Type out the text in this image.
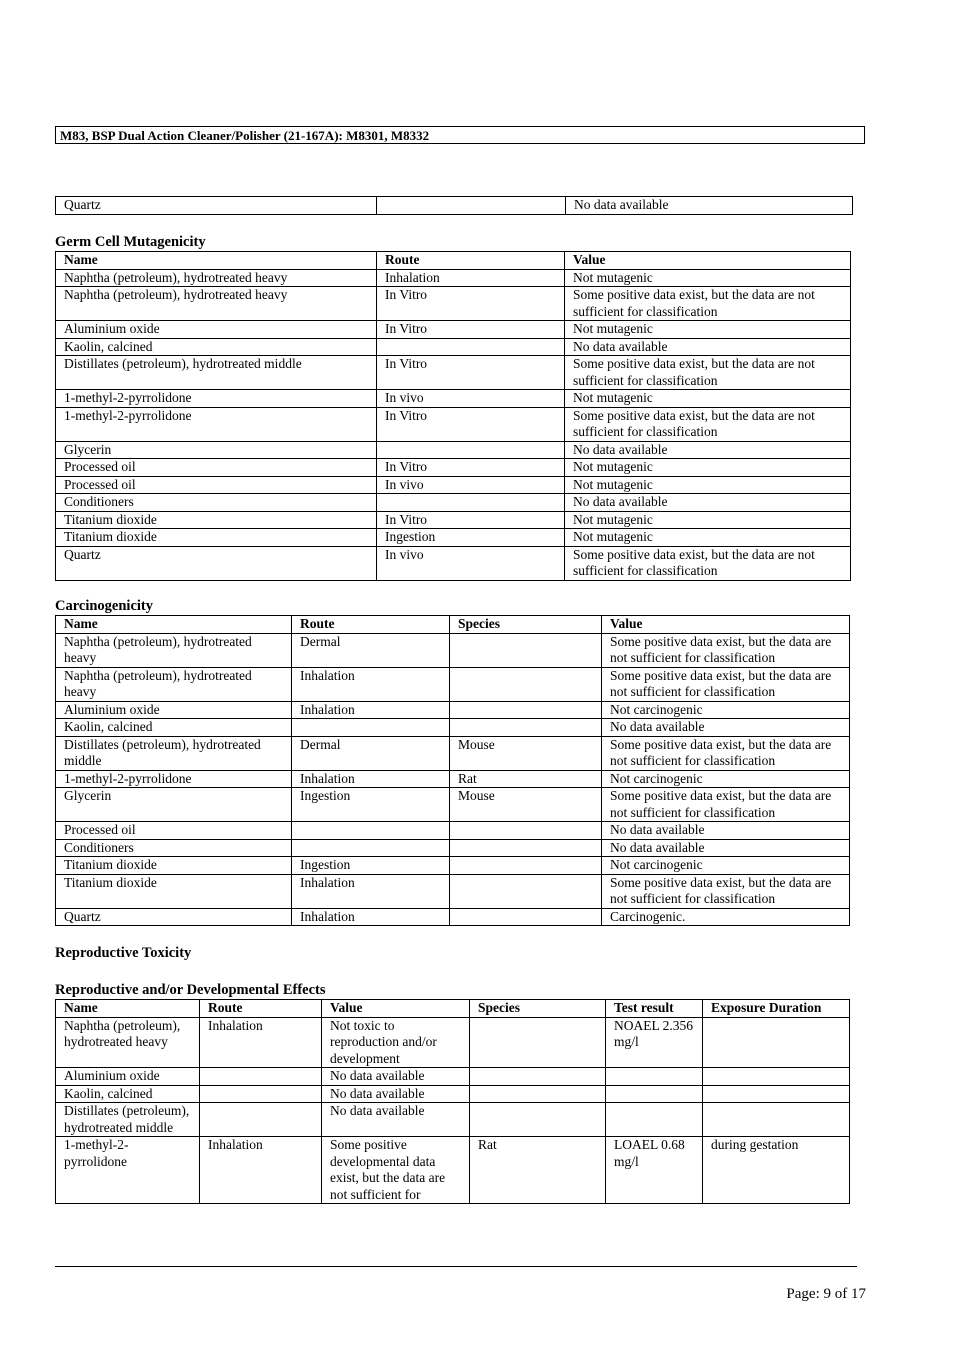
M83, BSP Dual Action Cleaner/Polisher (21-167A): M8301, M8332
Quartz		No data available
Germ Cell Mutagenicity
Name	Route	Value
Naphtha (petroleum), hydrotreated heavy	Inhalation	Not mutagenic
Naphtha (petroleum), hydrotreated heavy	In Vitro	Some positive data exist, but the data are not sufficient for classification
Aluminium oxide	In Vitro	Not mutagenic
Kaolin, calcined		No data available
Distillates (petroleum), hydrotreated middle	In Vitro	Some positive data exist, but the data are not sufficient for classification
1-methyl-2-pyrrolidone	In vivo	Not mutagenic
1-methyl-2-pyrrolidone	In Vitro	Some positive data exist, but the data are not sufficient for classification
Glycerin		No data available
Processed oil	In Vitro	Not mutagenic
Processed oil	In vivo	Not mutagenic
Conditioners		No data available
Titanium dioxide	In Vitro	Not mutagenic
Titanium dioxide	Ingestion	Not mutagenic
Quartz	In vivo	Some positive data exist, but the data are not sufficient for classification
Carcinogenicity
Name	Route	Species	Value
Naphtha (petroleum), hydrotreated heavy	Dermal		Some positive data exist, but the data are not sufficient for classification
Naphtha (petroleum), hydrotreated heavy	Inhalation		Some positive data exist, but the data are not sufficient for classification
Aluminium oxide	Inhalation		Not carcinogenic
Kaolin, calcined			No data available
Distillates (petroleum), hydrotreated middle	Dermal	Mouse	Some positive data exist, but the data are not sufficient for classification
1-methyl-2-pyrrolidone	Inhalation	Rat	Not carcinogenic
Glycerin	Ingestion	Mouse	Some positive data exist, but the data are not sufficient for classification
Processed oil			No data available
Conditioners			No data available
Titanium dioxide	Ingestion		Not carcinogenic
Titanium dioxide	Inhalation		Some positive data exist, but the data are not sufficient for classification
Quartz	Inhalation		Carcinogenic.
Reproductive Toxicity
Reproductive and/or Developmental Effects
Name	Route	Value	Species	Test result	Exposure Duration
Naphtha (petroleum), hydrotreated heavy	Inhalation	Not toxic to reproduction and/or development		NOAEL 2.356 mg/l	
Aluminium oxide		No data available			
Kaolin, calcined		No data available			
Distillates (petroleum), hydrotreated middle		No data available			
1-methyl-2-pyrrolidone	Inhalation	Some positive developmental data exist, but the data are not sufficient for	Rat	LOAEL 0.68 mg/l	during gestation
Page: 9 of 17
